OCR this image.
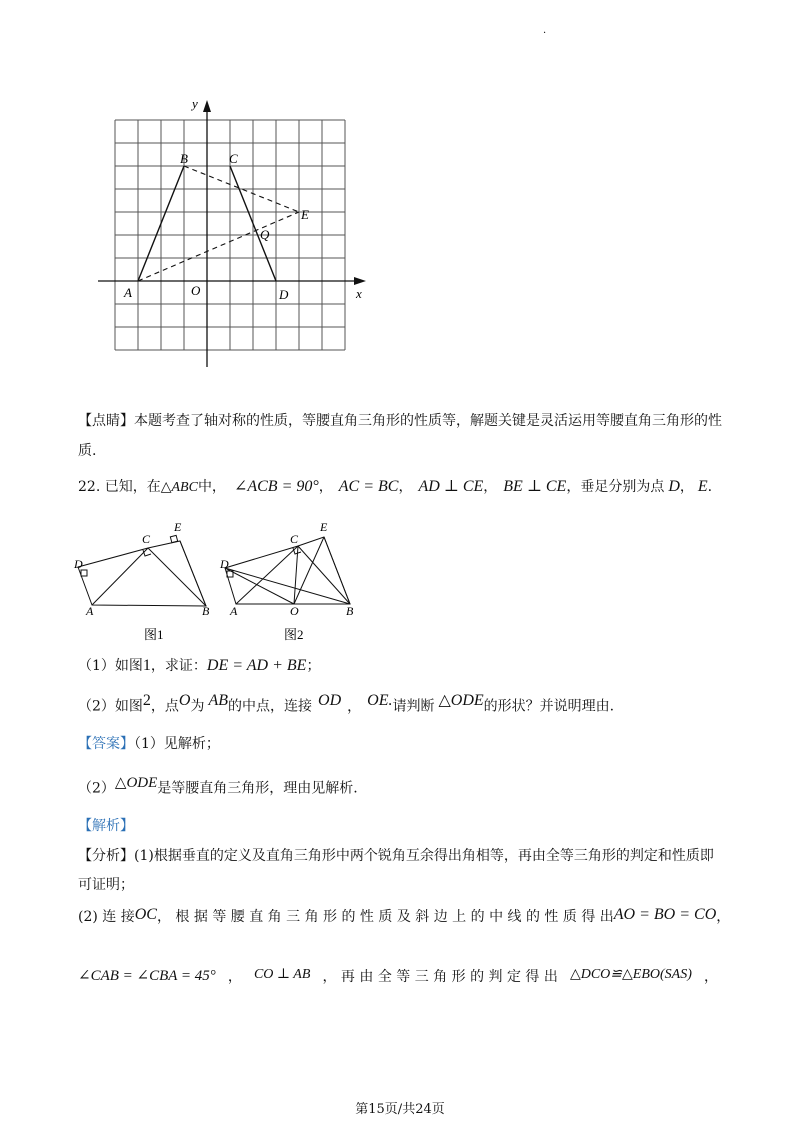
·
y
x
A
B	C
D
E
O
Q
【点睛】本题考查了轴对称的性质，等腰直角三角形的性质等，解题关键是灵活运用等腰直角三角形的性
质.
22. 已知，在△ABC中， ∠ACB = 90°， AC = BC， AD ⊥ CE， BE ⊥ CE，垂足分别为点 D， E.
D
A
C
E
B
图1
D
A
C
E
O	B
图2
（1）如图1，求证：DE = AD + BE；
（2）如图$^2$，点$^O$为 $^{AB}$的中点，连接 $^{OD}$ ， $^{OE.}$请判断 $^{\triangle ODE}$的形状？并说明理由.
【答案】（1）见解析；
$(2)^{\triangle ODE}$是等腰直角三角形，理由见解析.
【解析】
【分析】(1)根据垂直的定义及直角三角形中两个锐角互余得出角相等，再由全等三角形的判定和性质即
可证明；
(2) 连 接 OC ， 根 据 等 腰 直 角 三 角 形 的 性 质 及 斜 边 上 的 中 线 的 性 质 得 出 AO = BO = CO ，
∠CAB = ∠CBA = 45° ， CO ⊥ AB ， 再 由 全 等 三 角 形 的 判 定 得 出 △DCO≌△EBO(SAS) ，
第15页/共24页
